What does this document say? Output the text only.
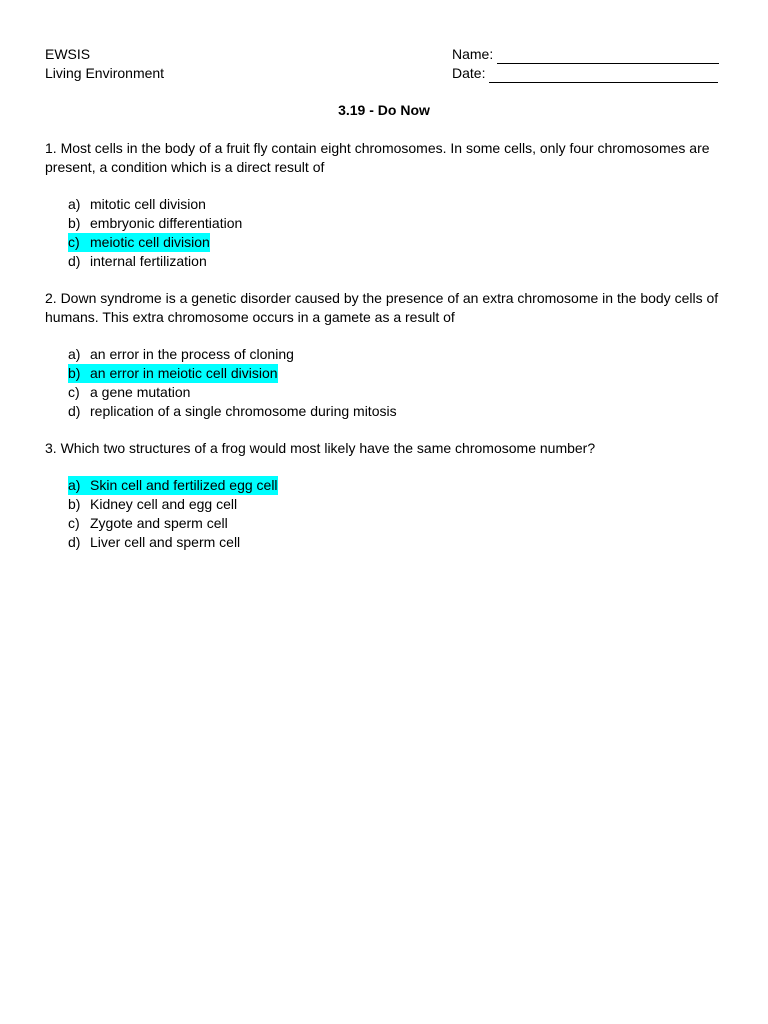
EWSIS
Living Environment
Name:
Date:
3.19 - Do Now
1. Most cells in the body of a fruit fly contain eight chromosomes. In some cells, only four chromosomes are present, a condition which is a direct result of
a) mitotic cell division
b) embryonic differentiation
c) meiotic cell division
d) internal fertilization
2. Down syndrome is a genetic disorder caused by the presence of an extra chromosome in the body cells of humans. This extra chromosome occurs in a gamete as a result of
a) an error in the process of cloning
b) an error in meiotic cell division
c) a gene mutation
d) replication of a single chromosome during mitosis
3. Which two structures of a frog would most likely have the same chromosome number?
a) Skin cell and fertilized egg cell
b) Kidney cell and egg cell
c) Zygote and sperm cell
d) Liver cell and sperm cell
